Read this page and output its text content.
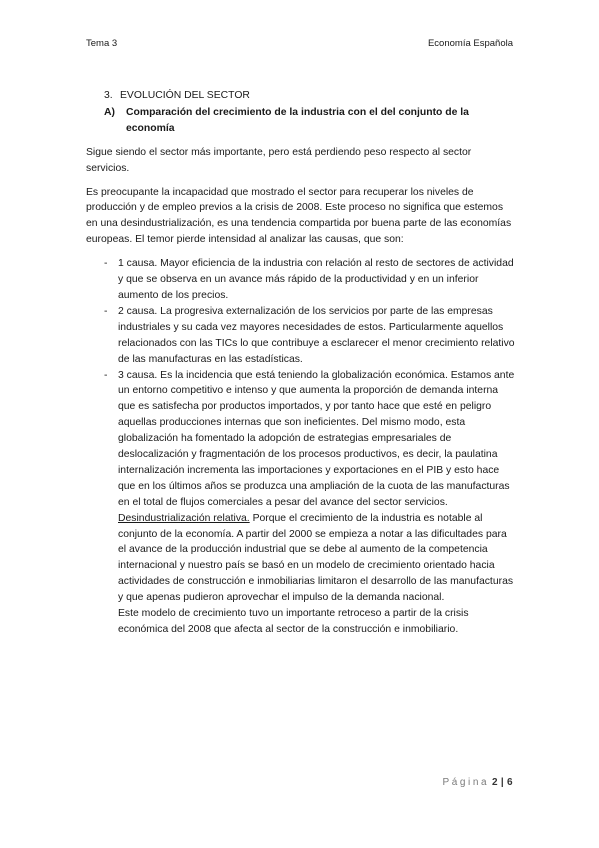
Tema 3	Economía Española
3. EVOLUCIÓN DEL SECTOR
A)	Comparación del crecimiento de la industria con el del conjunto de la economía

Sigue siendo el sector más importante, pero está perdiendo peso respecto al sector servicios.

Es preocupante la incapacidad que mostrado el sector para recuperar los niveles de producción y de empleo previos a la crisis de 2008. Este proceso no significa que estemos en una desindustrialización, es una tendencia compartida por buena parte de las economías europeas. El temor pierde intensidad al analizar las causas, que son:

-	1 causa. Mayor eficiencia de la industria con relación al resto de sectores de actividad y que se observa en un avance más rápido de la productividad y en un inferior aumento de los precios.
-	2 causa. La progresiva externalización de los servicios por parte de las empresas industriales y su cada vez mayores necesidades de estos. Particularmente aquellos relacionados con las TICs lo que contribuye a esclarecer el menor crecimiento relativo de las manufacturas en las estadísticas.
-	3 causa. Es la incidencia que está teniendo la globalización económica. Estamos ante un entorno competitivo e intenso y que aumenta la proporción de demanda interna que es satisfecha por productos importados, y por tanto hace que esté en peligro aquellas producciones internas que son ineficientes. Del mismo modo, esta globalización ha fomentado la adopción de estrategias empresariales de deslocalización y fragmentación de los procesos productivos, es decir, la paulatina internalización incrementa las importaciones y exportaciones en el PIB y esto hace que en los últimos años se produzca una ampliación de la cuota de las manufacturas en el total de flujos comerciales a pesar del avance del sector servicios.

Desindustrialización relativa. Porque el crecimiento de la industria es notable al conjunto de la economía. A partir del 2000 se empieza a notar a las dificultades para el avance de la producción industrial que se debe al aumento de la competencia internacional y nuestro país se basó en un modelo de crecimiento orientado hacia actividades de construcción e inmobiliarias limitaron el desarrollo de las manufacturas y que apenas pudieron aprovechar el impulso de la demanda nacional.

Este modelo de crecimiento tuvo un importante retroceso a partir de la crisis económica del 2008 que afecta al sector de la construcción e inmobiliario.

Página 2 | 6
